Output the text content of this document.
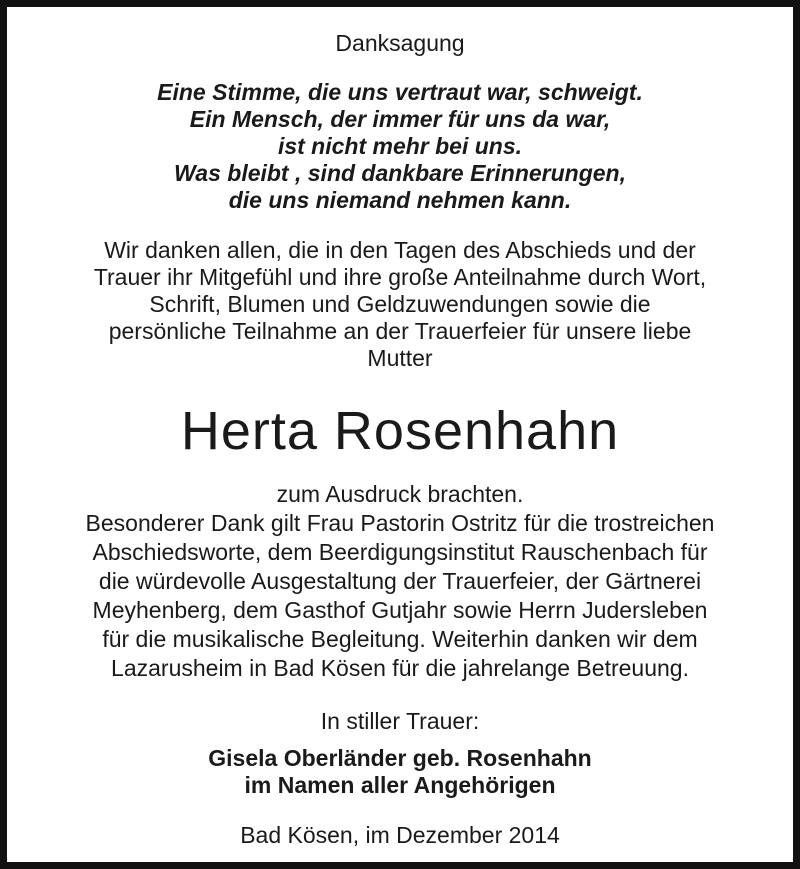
Danksagung
Eine Stimme, die uns vertraut war, schweigt.
Ein Mensch, der immer für uns da war,
ist nicht mehr bei uns.
Was bleibt , sind dankbare Erinnerungen,
die uns niemand nehmen kann.
Wir danken allen, die in den Tagen des Abschieds und der
Trauer ihr Mitgefühl und ihre große Anteilnahme durch Wort,
Schrift, Blumen und Geldzuwendungen sowie die
persönliche Teilnahme an der Trauerfeier für unsere liebe
Mutter
Herta Rosenhahn
zum Ausdruck brachten.
Besonderer Dank gilt Frau Pastorin Ostritz für die trostreichen
Abschiedsworte, dem Beerdigungsinstitut Rauschenbach für
die würdevolle Ausgestaltung der Trauerfeier, der Gärtnerei
Meyhenberg, dem Gasthof Gutjahr sowie Herrn Judersleben
für die musikalische Begleitung. Weiterhin danken wir dem
Lazarusheim in Bad Kösen für die jahrelange Betreuung.
In stiller Trauer:
Gisela Oberländer geb. Rosenhahn
im Namen aller Angehörigen
Bad Kösen, im Dezember 2014
